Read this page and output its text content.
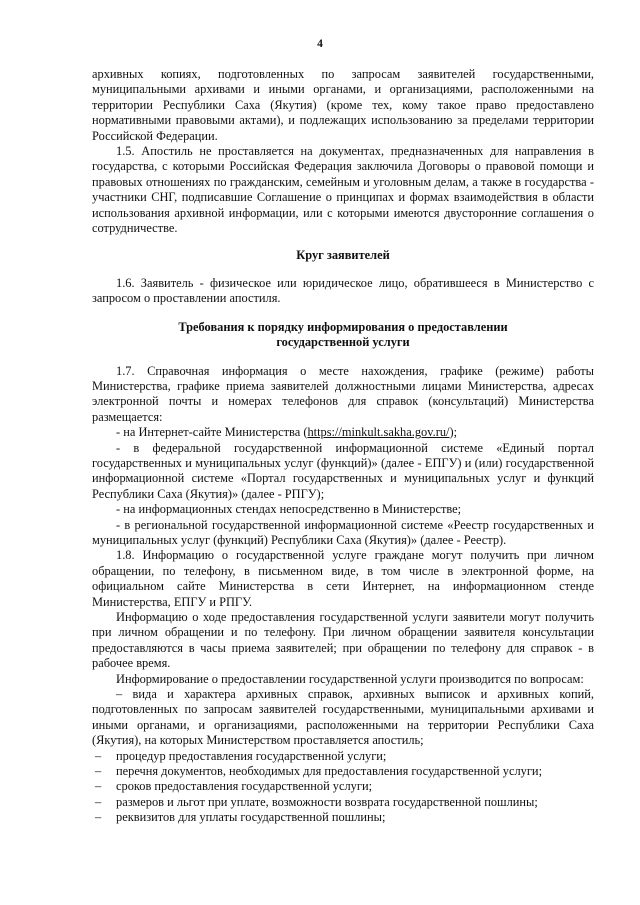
4

архивных копиях, подготовленных по запросам заявителей государственными, муниципальными архивами и иными органами, и организациями, расположенными на территории Республики Саха (Якутия) (кроме тех, кому такое право предоставлено нормативными правовыми актами), и подлежащих использованию за пределами территории Российской Федерации.

1.5. Апостиль не проставляется на документах, предназначенных для направления в государства, с которыми Российская Федерация заключила Договоры о правовой помощи и правовых отношениях по гражданским, семейным и уголовным делам, а также в государства - участники СНГ, подписавшие Соглашение о принципах и формах взаимодействия в области использования архивной информации, или с которыми имеются двусторонние соглашения о сотрудничестве.

Круг заявителей

1.6. Заявитель - физическое или юридическое лицо, обратившееся в Министерство с запросом о проставлении апостиля.

Требования к порядку информирования о предоставлении
государственной услуги

1.7. Справочная информация о месте нахождения, графике (режиме) работы Министерства, графике приема заявителей должностными лицами Министерства, адресах электронной почты и номерах телефонов для справок (консультаций) Министерства размещается:

- на Интернет-сайте Министерства (https://minkult.sakha.gov.ru/);

- в федеральной государственной информационной системе «Единый портал государственных и муниципальных услуг (функций)» (далее - ЕПГУ) и (или) государственной информационной системе «Портал государственных и муниципальных услуг и функций Республики Саха (Якутия)» (далее - РПГУ);

- на информационных стендах непосредственно в Министерстве;

- в региональной государственной информационной системе «Реестр государственных и муниципальных услуг (функций) Республики Саха (Якутия)» (далее - Реестр).

1.8. Информацию о государственной услуге граждане могут получить при личном обращении, по телефону, в письменном виде, в том числе в электронной форме, на официальном сайте Министерства в сети Интернет, на информационном стенде Министерства, ЕПГУ и РПГУ.

Информацию о ходе предоставления государственной услуги заявители могут получить при личном обращении и по телефону. При личном обращении заявителя консультации предоставляются в часы приема заявителей; при обращении по телефону для справок - в рабочее время.

Информирование о предоставлении государственной услуги производится по вопросам:

– вида и характера архивных справок, архивных выписок и архивных копий, подготовленных по запросам заявителей государственными, муниципальными архивами и иными органами, и организациями, расположенными на территории Республики Саха (Якутия), на которых Министерством проставляется апостиль;

–	процедур предоставления государственной услуги;
–	перечня документов, необходимых для предоставления государственной услуги;
–	сроков предоставления государственной услуги;
–	размеров и льгот при уплате, возможности возврата государственной пошлины;
–	реквизитов для уплаты государственной пошлины;
